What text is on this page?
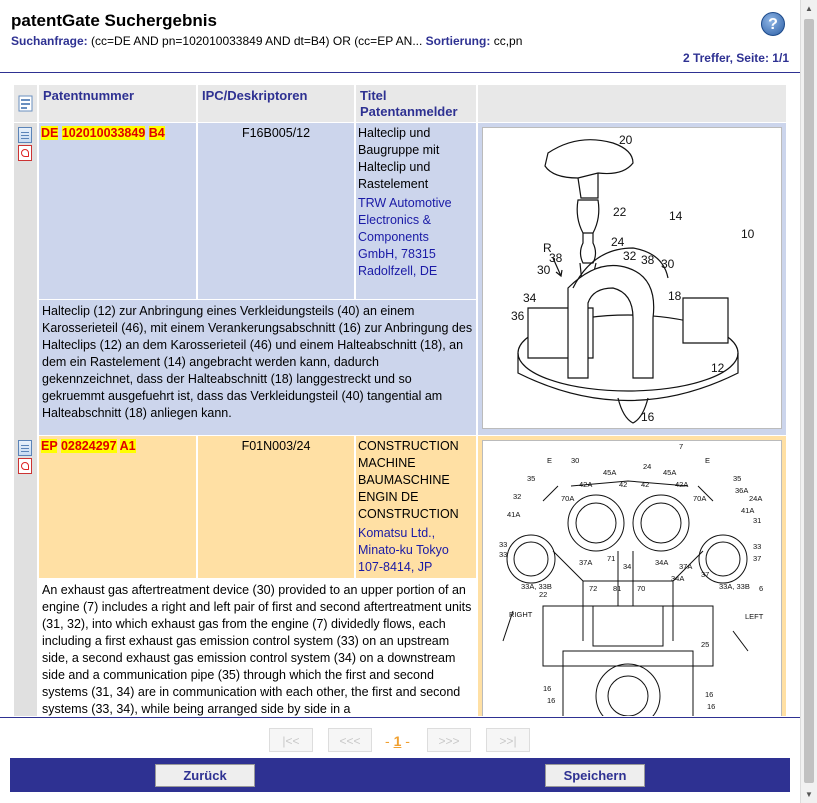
patentGate Suchergebnis
Suchanfrage: (cc=DE AND pn=102010033849 AND dt=B4) OR (cc=EP AN... Sortierung: cc,pn
?
2 Treffer, Seite: 1/1
Patentnummer	IPC/Deskriptoren	Titel
Patentanmelder
DE 102010033849 B4	F16B005/12	Halteclip und
Baugruppe mit
Halteclip und
Rastelement
TRW Automotive
Electronics &
Components
GmbH, 78315
Radolfzell, DE
Halteclip (12) zur Anbringung eines Verkleidungsteils (40) an einem Karosserieteil (46), mit einem Verankerungsabschnitt (16) zur Anbringung des Halteclips (12) an dem Karosserieteil (46) und einem Halteabschnitt (18), an dem ein Rastelement (14) angebracht werden kann, dadurch gekennzeichnet, dass der Halteabschnitt (18) langgestreckt und so gekruemmt ausgefuehrt ist, dass das Verkleidungsteil (40) tangential am Halteabschnitt (18) anliegen kann.
20
R
22	14
24
10
38	32 38
30	30
34	18
36
12
16
EP 02824297 A1	F01N003/24	CONSTRUCTION
MACHINE
BAUMASCHINE
ENGIN DE
CONSTRUCTION
Komatsu Ltd.,
Minato-ku Tokyo
107-8414, JP
An exhaust gas aftertreatment device (30) provided to an upper portion of an engine (7) includes a right and left pair of first and second aftertreatment units (31, 32), into which exhaust gas from the engine (7) dividedly flows, each including a first exhaust gas emission control system (33) on an upstream side, a second exhaust gas emission control system (34) on a downstream side and a communication pipe (35) through which the first and second systems (31, 34) are in communication with each other, the first and second systems (33, 34), while being arranged side by side in a
7
E	30
45A
24
45A
E
35
42A	42 42	42A
35
32	70A	70A
36A
41A
24A
41A
31
33
33
34
33
37
37A	34A
71
37A
37
33A, 33B	72 81 70
34A
33A, 33B 6
22
RIGHT	LEFT
25
16
16
16
16
▲
▼
|<<	<<<	- 1 -	>>>	>>|
Zurück	Speichern
